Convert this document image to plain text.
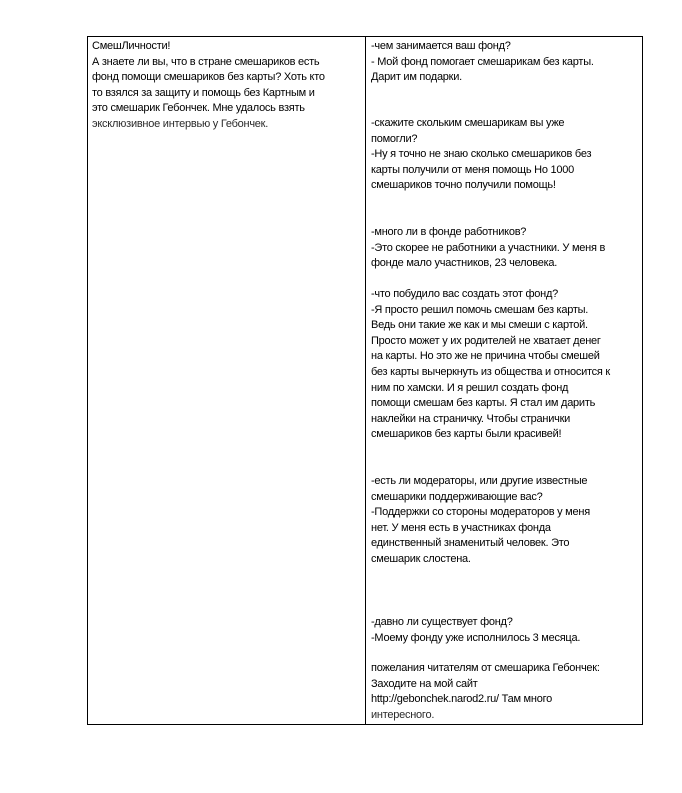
СмешЛичности!
А знаете ли вы, что в стране смешариков есть
фонд помощи смешариков без карты? Хоть кто
то взялся за защиту и помощь без Картным и
это смешарик Гебончек. Мне удалось взять
эксклюзивное интервью у Гебончек.
-чем занимается ваш фонд?
- Мой фонд помогает смешарикам без карты.
Дарит им подарки.
-скажите скольким смешарикам вы уже
помогли?
-Ну я точно не знаю сколько смешариков без
карты получили от меня помощь Но 1000
смешариков точно получили помощь!
-много ли в фонде работников?
-Это скорее не работники а участники. У меня в
фонде мало участников, 23 человека.
-что побудило вас создать этот фонд?
-Я просто решил помочь смешам без карты.
Ведь они такие же как и мы смеши с картой.
Просто может у их родителей не хватает денег
на карты. Но это же не причина чтобы смешей
без карты вычеркнуть из общества и относится к
ним по хамски. И я решил создать фонд
помощи смешам без карты. Я стал им дарить
наклейки на страничку. Чтобы странички
смешариков без карты были красивей!
-есть ли модераторы, или другие известные
смешарики поддерживающие вас?
-Поддержки со стороны модераторов у меня
нет. У меня есть в участниках фонда
единственный знаменитый человек. Это
смешарик слостена.
-давно ли существует фонд?
-Моему фонду уже исполнилось 3 месяца.
пожелания читателям от смешарика Гебончек:
Заходите на мой сайт
http://gebonchek.narod2.ru/ Там много
интересного.
